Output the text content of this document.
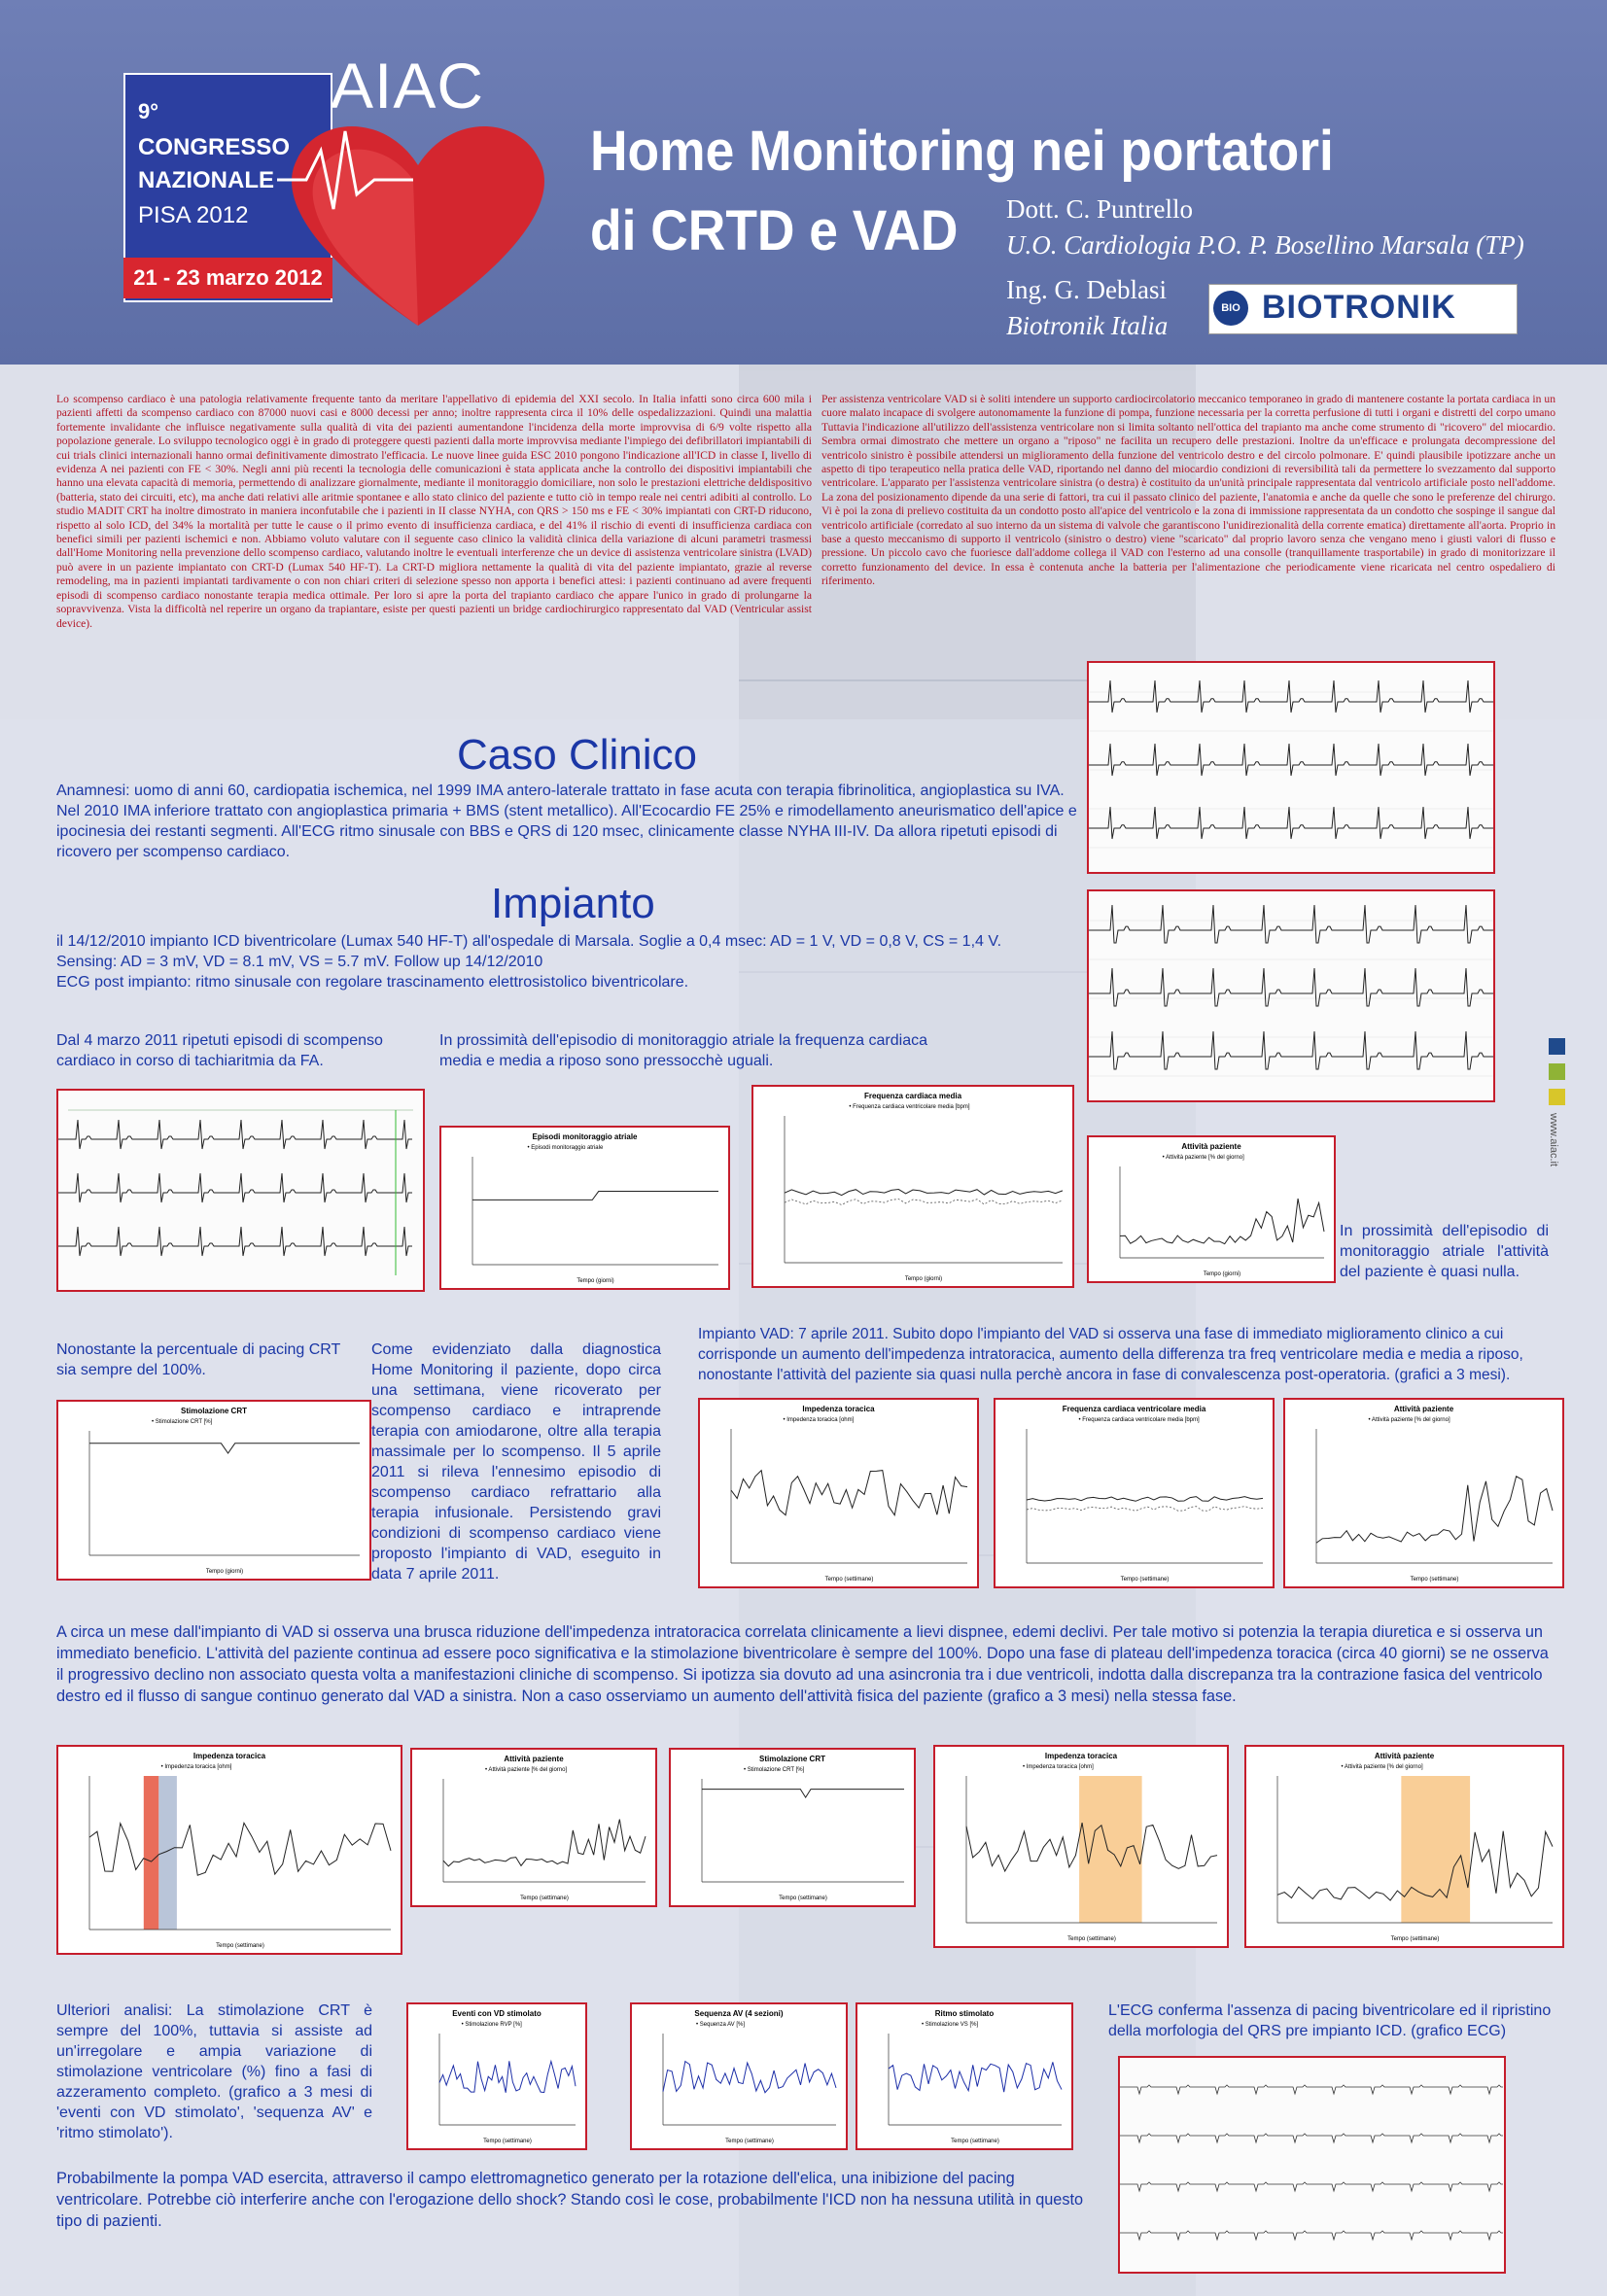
9°
CONGRESSO
NAZIONALE
PISA 2012
21 - 23 marzo 2012
AIAC
Home Monitoring nei portatori
di CRTD e VAD	Dott. C. Puntrello
U.O. Cardiologia P.O. P. Bosellino Marsala (TP)
Ing. G. Deblasi
Biotronik Italia
BIO BIOTRONIK
Lo scompenso cardiaco è una patologia relativamente frequente tanto da meritare l'appellativo di epidemia del XXI secolo. In Italia infatti sono circa 600 mila i pazienti affetti da scompenso cardiaco con 87000 nuovi casi e 8000 decessi per anno; inoltre rappresenta circa il 10% delle ospedalizzazioni. Quindi una malattia fortemente invalidante che influisce negativamente sulla qualità di vita dei pazienti aumentandone l'incidenza della morte improvvisa di 6/9 volte rispetto alla popolazione generale. Lo sviluppo tecnologico oggi è in grado di proteggere questi pazienti dalla morte improvvisa mediante l'impiego dei defibrillatori impiantabili di cui trials clinici internazionali hanno ormai definitivamente dimostrato l'efficacia. Le nuove linee guida ESC 2010 pongono l'indicazione all'ICD in classe I, livello di evidenza A nei pazienti con FE < 30%. Negli anni più recenti la tecnologia delle comunicazioni è stata applicata anche la controllo dei dispositivi impiantabili che hanno una elevata capacità di memoria, permettendo di analizzare giornalmente, mediante il monitoraggio domiciliare, non solo le prestazioni elettriche deldispositivo (batteria, stato dei circuiti, etc), ma anche dati relativi alle aritmie spontanee e allo stato clinico del paziente e tutto ciò in tempo reale nei centri adibiti al controllo. Lo studio MADIT CRT ha inoltre dimostrato in maniera inconfutabile che i pazienti in II classe NYHA, con QRS > 150 ms e FE < 30% impiantati con CRT-D riducono, rispetto al solo ICD, del 34% la mortalità per tutte le cause o il primo evento di insufficienza cardiaca, e del 41% il rischio di eventi di insufficienza cardiaca con benefici simili per pazienti ischemici e non. Abbiamo voluto valutare con il seguente caso clinico la validità clinica della variazione di alcuni parametri trasmessi dall'Home Monitoring nella prevenzione dello scompenso cardiaco, valutando inoltre le eventuali interferenze che un device di assistenza ventricolare sinistra (LVAD) può avere in un paziente impiantato con CRT-D (Lumax 540 HF-T). La CRT-D migliora nettamente la qualità di vita del paziente impiantato, grazie al reverse remodeling, ma in pazienti impiantati tardivamente o con non chiari criteri di selezione spesso non apporta i benefici attesi: i pazienti continuano ad avere frequenti episodi di scompenso cardiaco nonostante terapia medica ottimale. Per loro si apre la porta del trapianto cardiaco che appare l'unico in grado di prolungarne la sopravvivenza. Vista la difficoltà nel reperire un organo da trapiantare, esiste per questi pazienti un bridge cardiochirurgico rappresentato dal VAD (Ventricular assist device).
Per assistenza ventricolare VAD si è soliti intendere un supporto cardiocircolatorio meccanico temporaneo in grado di mantenere costante la portata cardiaca in un cuore malato incapace di svolgere autonomamente la funzione di pompa, funzione necessaria per la corretta perfusione di tutti i organi e distretti del corpo umano Tuttavia l'indicazione all'utilizzo dell'assistenza ventricolare non si limita soltanto nell'ottica del trapianto ma anche come strumento di "ricovero" del miocardio. Sembra ormai dimostrato che mettere un organo a "riposo" ne facilita un recupero delle prestazioni. Inoltre da un'efficace e prolungata decompressione del ventricolo sinistro è possibile attendersi un miglioramento della funzione del ventricolo destro e del circolo polmonare. E' quindi plausibile ipotizzare anche un aspetto di tipo terapeutico nella pratica delle VAD, riportando nel danno del miocardio condizioni di reversibilità tali da permettere lo svezzamento dal supporto ventricolare. L'apparato per l'assistenza ventricolare sinistra (o destra) è costituito da un'unità principale rappresentata dal ventricolo artificiale posto nell'addome. La zona del posizionamento dipende da una serie di fattori, tra cui il passato clinico del paziente, l'anatomia e anche da quelle che sono le preferenze del chirurgo. Vi è poi la zona di prelievo costituita da un condotto posto all'apice del ventricolo e la zona di immissione rappresentata da un condotto che sospinge il sangue dal ventricolo artificiale (corredato al suo interno da un sistema di valvole che garantiscono l'unidirezionalità della corrente ematica) direttamente all'aorta. Proprio in base a questo meccanismo di supporto il ventricolo (sinistro o destro) viene "scaricato" dal proprio lavoro senza che vengano meno i giusti valori di flusso e pressione. Un piccolo cavo che fuoriesce dall'addome collega il VAD con l'esterno ad una consolle (tranquillamente trasportabile) in grado di monitorizzare il corretto funzionamento del device. In essa è contenuta anche la batteria per l'alimentazione che periodicamente viene ricaricata nel centro ospedaliero di riferimento.
Caso Clinico
Anamnesi: uomo di anni 60, cardiopatia ischemica, nel 1999 IMA antero-laterale trattato in fase acuta con terapia fibrinolitica, angioplastica su IVA. Nel 2010 IMA inferiore trattato con angioplastica primaria + BMS (stent metallico). All'Ecocardio FE 25% e rimodellamento aneurismatico dell'apice e ipocinesia dei restanti segmenti. All'ECG ritmo sinusale con BBS e QRS di 120 msec, clinicamente classe NYHA III-IV. Da allora ripetuti episodi di ricovero per scompenso cardiaco.
Impianto
il 14/12/2010 impianto ICD biventricolare (Lumax 540 HF-T) all'ospedale di Marsala. Soglie a 0,4 msec: AD = 1 V, VD = 0,8 V, CS = 1,4 V.
Sensing: AD = 3 mV, VD = 8.1 mV, VS = 5.7 mV. Follow up 14/12/2010
ECG post impianto: ritmo sinusale con regolare trascinamento elettrosistolico biventricolare.
www.aiac.it
Dal 4 marzo 2011 ripetuti episodi di scompenso cardiaco in corso di tachiaritmia da FA.
In prossimità dell'episodio di monitoraggio atriale la frequenza cardiaca media e media a riposo sono pressocchè uguali.
Episodi monitoraggio atriale
• Episodi monitoraggio atriale
Tempo (giorni)
Frequenza cardiaca media
• Frequenza cardiaca ventricolare media [bpm]
Tempo (giorni)
Attività paziente
• Attività paziente [% del giorno]
Tempo (giorni)
In prossimità dell'episodio di monitoraggio atriale l'attività del paziente è quasi nulla.
Nonostante la percentuale di pacing CRT sia sempre del 100%.
Stimolazione CRT
• Stimolazione CRT [%]
Tempo (giorni)
Come evidenziato dalla diagnostica Home Monitoring il paziente, dopo circa una settimana, viene ricoverato per scompenso cardiaco e intraprende terapia con amiodarone, oltre alla terapia massimale per lo scompenso. Il 5 aprile 2011 si rileva l'ennesimo episodio di scompenso cardiaco refrattario alla terapia infusionale. Persistendo gravi condizioni di scompenso cardiaco viene proposto l'impianto di VAD, eseguito in data 7 aprile 2011.
Impianto VAD: 7 aprile 2011. Subito dopo l'impianto del VAD si osserva una fase di immediato miglioramento clinico a cui corrisponde un aumento dell'impedenza intratoracica, aumento della differenza tra freq ventricolare media e media a riposo, nonostante l'attività del paziente sia quasi nulla perchè ancora in fase di convalescenza post-operatoria. (grafici a 3 mesi).
Impedenza toracica
• Impedenza toracica [ohm]
Tempo (settimane)
Frequenza cardiaca ventricolare media
• Frequenza cardiaca ventricolare media [bpm]
Tempo (settimane)
Attività paziente
• Attività paziente [% del giorno]
Tempo (settimane)
A circa un mese dall'impianto di VAD si osserva una brusca riduzione dell'impedenza intratoracica correlata clinicamente a lievi dispnee, edemi declivi. Per tale motivo si potenzia la terapia diuretica e si osserva un immediato beneficio. L'attività del paziente continua ad essere poco significativa e la stimolazione biventricolare è sempre del 100%. Dopo una fase di plateau dell'impedenza toracica (circa 40 giorni) se ne osserva il progressivo declino non associato questa volta a manifestazioni cliniche di scompenso. Si ipotizza sia dovuto ad una asincronia tra i due ventricoli, indotta dalla discrepanza tra la contrazione fasica del ventricolo destro ed il flusso di sangue continuo generato dal VAD a sinistra. Non a caso osserviamo un aumento dell'attività fisica del paziente (grafico a 3 mesi) nella stessa fase.
Impedenza toracica
• Impedenza toracica [ohm]
Tempo (settimane)
Attività paziente
• Attività paziente [% del giorno]
Tempo (settimane)
Stimolazione CRT
• Stimolazione CRT [%]
Tempo (settimane)
Impedenza toracica
• Impedenza toracica [ohm]
Tempo (settimane)
Attività paziente
• Attività paziente [% del giorno]
Tempo (settimane)
Ulteriori analisi: La stimolazione CRT è sempre del 100%, tuttavia si assiste ad un'irregolare e ampia variazione di stimolazione ventricolare (%) fino a fasi di azzeramento completo. (grafico a 3 mesi di 'eventi con VD stimolato', 'sequenza AV' e 'ritmo stimolato').
Eventi con VD stimolato
• Stimolazione RVP [%]
Tempo (settimane)
Sequenza AV (4 sezioni)
• Sequenza AV [%]
Tempo (settimane)
Ritmo stimolato
• Stimolazione VS [%]
Tempo (settimane)
L'ECG conferma l'assenza di pacing biventricolare ed il ripristino della morfologia del QRS pre impianto ICD. (grafico ECG)
Probabilmente la pompa VAD esercita, attraverso il campo elettromagnetico generato per la rotazione dell'elica, una inibizione del pacing ventricolare. Potrebbe ciò interferire anche con l'erogazione dello shock? Stando così le cose, probabilmente l'ICD non ha nessuna utilità in questo tipo di pazienti.
